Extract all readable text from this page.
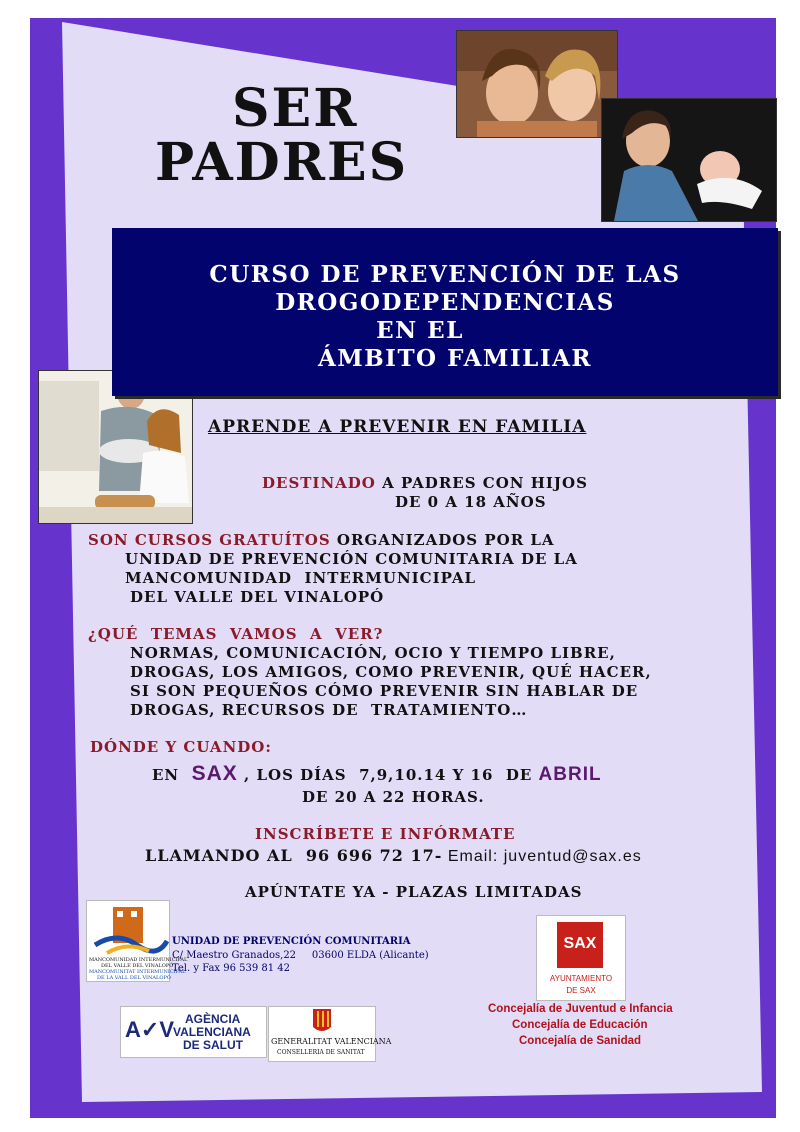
SER
PADRES
CURSO DE PREVENCIÓN DE LAS
DROGODEPENDENCIAS
EN EL
ÁMBITO FAMILIAR
APRENDE A PREVENIR EN FAMILIA
DESTINADO A PADRES CON HIJOS
DE 0 A 18 AÑOS
SON CURSOS GRATUÍTOS ORGANIZADOS POR LA
UNIDAD DE PREVENCIÓN COMUNITARIA DE LA
MANCOMUNIDAD  INTERMUNICIPAL
DEL VALLE DEL VINALOPÓ
¿QUÉ  TEMAS  VAMOS  A  VER?
NORMAS, COMUNICACIÓN, OCIO Y TIEMPO LIBRE,
DROGAS, LOS AMIGOS, COMO PREVENIR, QUÉ HACER,
SI SON PEQUEÑOS CÓMO PREVENIR SIN HABLAR DE
DROGAS, RECURSOS DE  TRATAMIENTO…
DÓNDE Y CUANDO:
EN SAX , LOS DÍAS  7,9,10.14 Y 16  DE ABRIL
DE 20 A 22 HORAS.
INSCRÍBETE E INFÓRMATE
LLAMANDO AL  96 696 72 17- Email: juventud@sax.es
APÚNTATE YA - PLAZAS LIMITADAS
MANCOMUNIDAD INTERMUNICIPAL
DEL VALLE DEL VINALOPÓ
MANCOMUNITAT INTERMUNICIPAL
DE LA VALL DEL VINALOPÓ
UNIDAD DE PREVENCIÓN COMUNITARIA
C/ Maestro Granados,22     03600 ELDA (Alicante)
Tel. y Fax 96 539 81 42
A✓V AGÈNCIA
VALENCIANA
DE SALUT	GENERALITAT VALENCIANA
CONSELLERIA DE SANITAT
SAX
AYUNTAMIENTO
DE SAX
Concejalía de Juventud e Infancia
Concejalía de Educación
Concejalía de Sanidad
